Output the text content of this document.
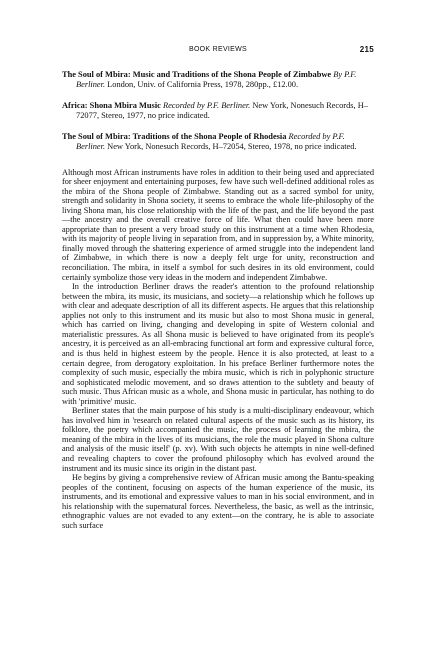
BOOK REVIEWS	215
The Soul of Mbira: Music and Traditions of the Shona People of Zimbabwe By P.F. Berliner. London, Univ. of California Press, 1978, 280pp., £12.00.
Africa: Shona Mbira Music Recorded by P.F. Berliner. New York, Nonesuch Records, H–72077, Stereo, 1977, no price indicated.
The Soul of Mbira: Traditions of the Shona People of Rhodesia Recorded by P.F. Berliner. New York, Nonesuch Records, H–72054, Stereo, 1978, no price indicated.

Although most African instruments have roles in addition to their being used and appreciated for sheer enjoyment and entertaining purposes, few have such well-defined additional roles as the mbira of the Shona people of Zimbabwe. Standing out as a sacred symbol for unity, strength and solidarity in Shona society, it seems to embrace the whole life-philosophy of the living Shona man, his close relationship with the life of the past, and the life beyond the past—the ancestry and the overall creative force of life. What then could have been more appropriate than to present a very broad study on this instrument at a time when Rhodesia, with its majority of people living in separation from, and in suppression by, a White minority, finally moved through the shattering experience of armed struggle into the independent land of Zimbabwe, in which there is now a deeply felt urge for unity, reconstruction and reconciliation. The mbira, in itself a symbol for such desires in its old environment, could certainly symbolize those very ideas in the modern and independent Zimbabwe.

In the introduction Berliner draws the reader's attention to the profound relationship between the mbira, its music, its musicians, and society—a relationship which he follows up with clear and adequate description of all its different aspects. He argues that this relationship applies not only to this instrument and its music but also to most Shona music in general, which has carried on living, changing and developing in spite of Western colonial and materialistic pressures. As all Shona music is believed to have originated from its people's ancestry, it is perceived as an all-embracing functional art form and expressive cultural force, and is thus held in highest esteem by the people. Hence it is also protected, at least to a certain degree, from derogatory exploitation. In his preface Berliner furthermore notes the complexity of such music, especially the mbira music, which is rich in polyphonic structure and sophisticated melodic movement, and so draws attention to the subtlety and beauty of such music. Thus African music as a whole, and Shona music in particular, has nothing to do with 'primitive' music.

Berliner states that the main purpose of his study is a multi-disciplinary endeavour, which has involved him in 'research on related cultural aspects of the music such as its history, its folklore, the poetry which accompanied the music, the process of learning the mbira, the meaning of the mbira in the lives of its musicians, the role the music played in Shona culture and analysis of the music itself' (p. xv). With such objects he attempts in nine well-defined and revealing chapters to cover the profound philosophy which has evolved around the instrument and its music since its origin in the distant past.

He begins by giving a comprehensive review of African music among the Bantu-speaking peoples of the continent, focusing on aspects of the human experience of the music, its instruments, and its emotional and expressive values to man in his social environment, and in his relationship with the supernatural forces. Nevertheless, the basic, as well as the intrinsic, ethnographic values are not evaded to any extent—on the contrary, he is able to associate such surface
